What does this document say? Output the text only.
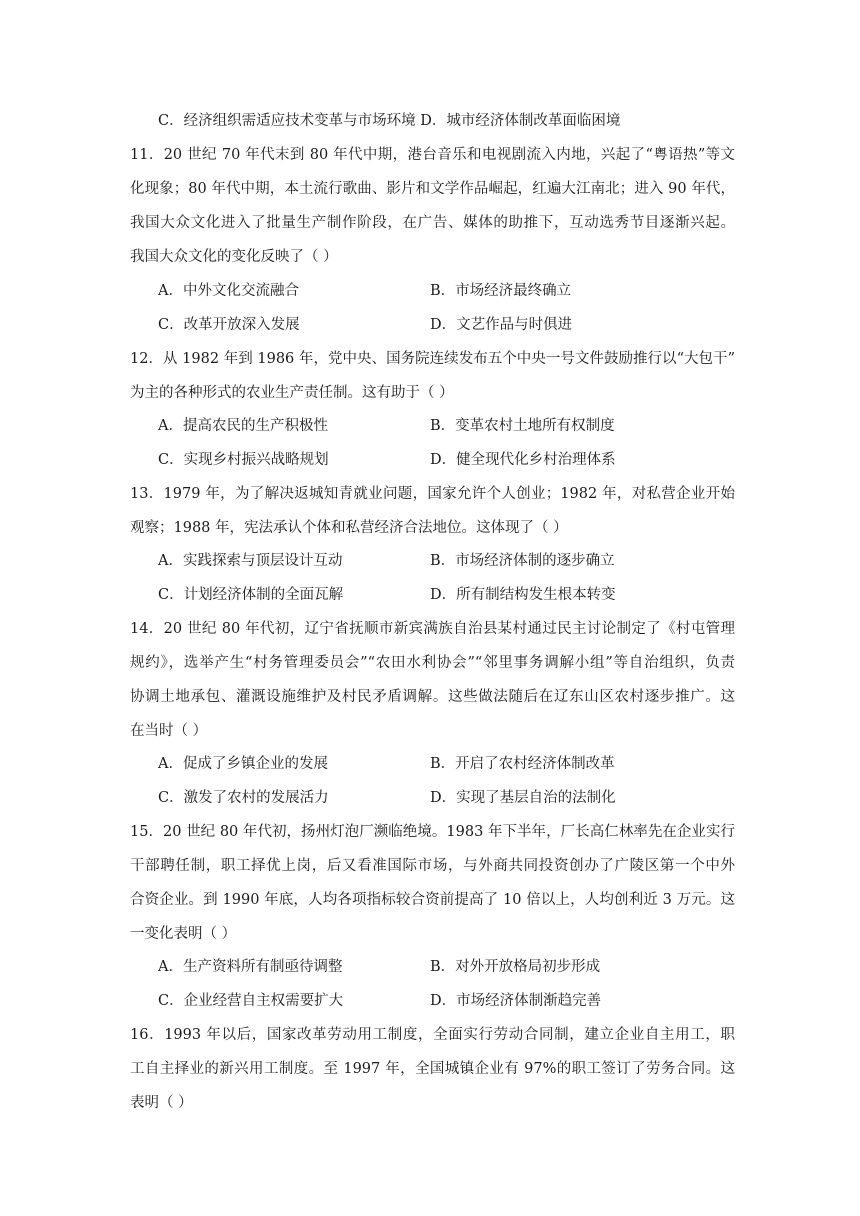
C．经济组织需适应技术变革与市场环境 D．城市经济体制改革面临困境
11．20 世纪 70 年代末到 80 年代中期，港台音乐和电视剧流入内地，兴起了“粤语热”等文
化现象；80 年代中期，本土流行歌曲、影片和文学作品崛起，红遍大江南北；进入 90 年代，
我国大众文化进入了批量生产制作阶段，在广告、媒体的助推下，互动选秀节目逐渐兴起。
我国大众文化的变化反映了（ ）
A．中外文化交流融合	B．市场经济最终确立
C．改革开放深入发展	D．文艺作品与时俱进
12．从 1982 年到 1986 年，党中央、国务院连续发布五个中央一号文件鼓励推行以“大包干”
为主的各种形式的农业生产责任制。这有助于（ ）
A．提高农民的生产积极性	B．变革农村土地所有权制度
C．实现乡村振兴战略规划	D．健全现代化乡村治理体系
13．1979 年，为了解决返城知青就业问题，国家允许个人创业；1982 年，对私营企业开始
观察；1988 年，宪法承认个体和私营经济合法地位。这体现了（ ）
A．实践探索与顶层设计互动	B．市场经济体制的逐步确立
C．计划经济体制的全面瓦解	D．所有制结构发生根本转变
14．20 世纪 80 年代初，辽宁省抚顺市新宾满族自治县某村通过民主讨论制定了《村屯管理
规约》，选举产生“村务管理委员会”“农田水利协会”“邻里事务调解小组”等自治组织，负责
协调土地承包、灌溉设施维护及村民矛盾调解。这些做法随后在辽东山区农村逐步推广。这
在当时（ ）
A．促成了乡镇企业的发展	B．开启了农村经济体制改革
C．激发了农村的发展活力	D．实现了基层自治的法制化
15．20 世纪 80 年代初，扬州灯泡厂濒临绝境。1983 年下半年，厂长高仁林率先在企业实行
干部聘任制，职工择优上岗，后又看准国际市场，与外商共同投资创办了广陵区第一个中外
合资企业。到 1990 年底，人均各项指标较合资前提高了 10 倍以上，人均创利近 3 万元。这
一变化表明（ ）
A．生产资料所有制亟待调整	B．对外开放格局初步形成
C．企业经营自主权需要扩大	D．市场经济体制渐趋完善
16．1993 年以后，国家改革劳动用工制度，全面实行劳动合同制，建立企业自主用工，职
工自主择业的新兴用工制度。至 1997 年，全国城镇企业有 97%的职工签订了劳务合同。这
表明（ ）
